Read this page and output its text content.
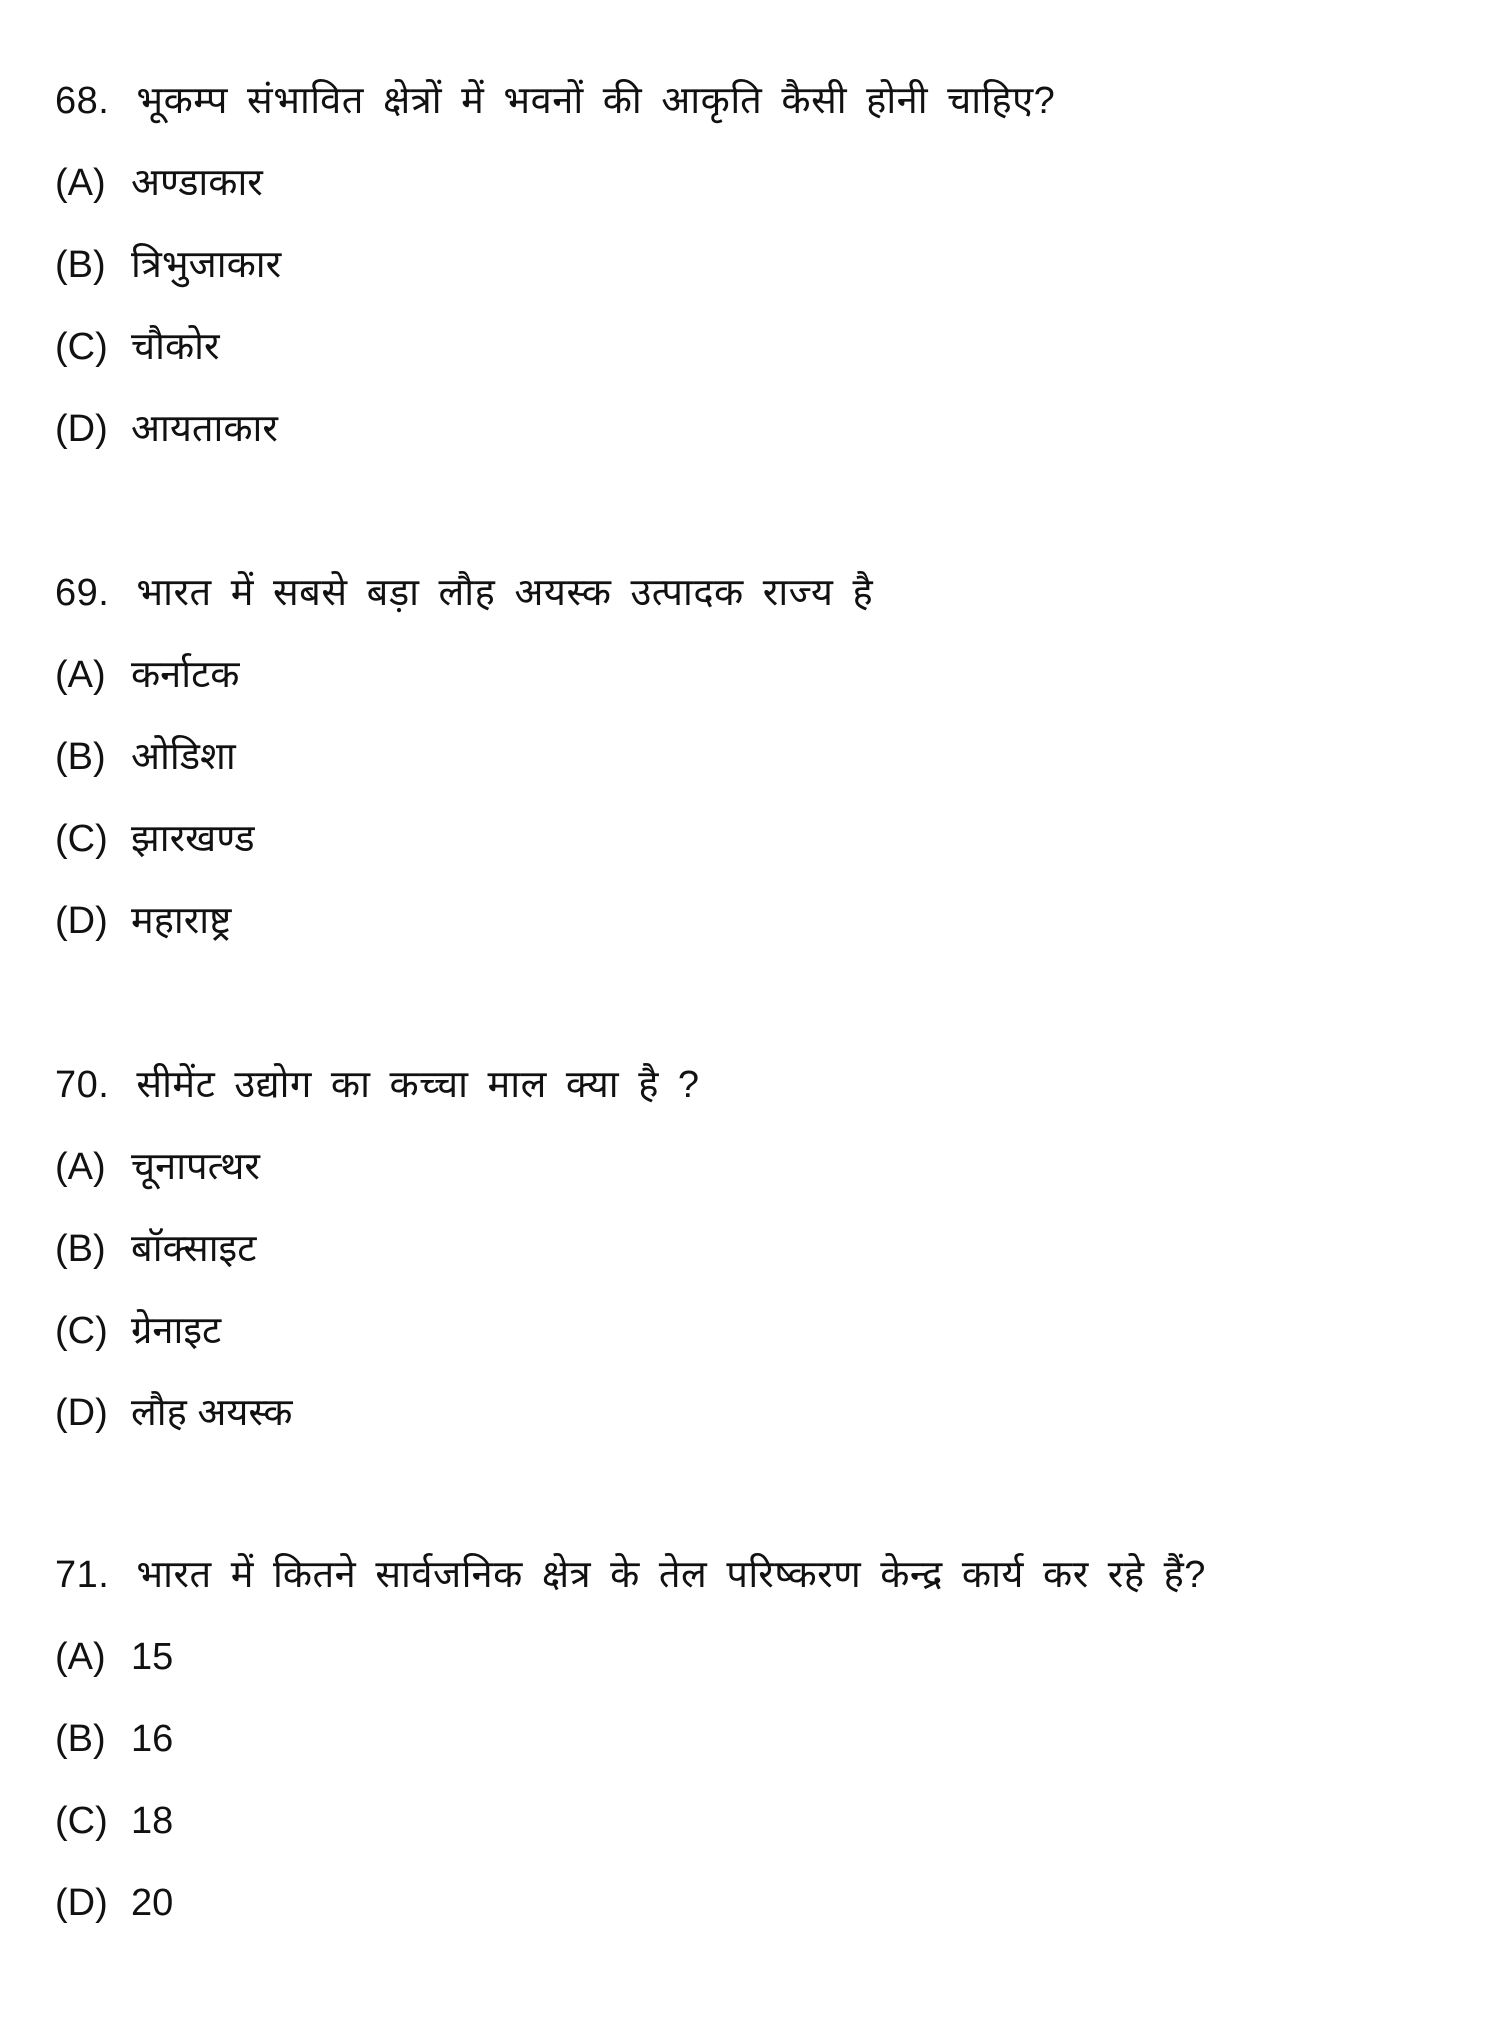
68. भूकम्प संभावित क्षेत्रों में भवनों की आकृति कैसी होनी चाहिए?
(A) अण्डाकार
(B) त्रिभुजाकार
(C) चौकोर
(D) आयताकार
69. भारत में सबसे बड़ा लौह अयस्क उत्पादक राज्य है
(A) कर्नाटक
(B) ओडिशा
(C) झारखण्ड
(D) महाराष्ट्र
70. सीमेंट उद्योग का कच्चा माल क्या है ?
(A) चूनापत्थर
(B) बॉक्साइट
(C) ग्रेनाइट
(D) लौह अयस्क
71. भारत में कितने सार्वजनिक क्षेत्र के तेल परिष्करण केन्द्र कार्य कर रहे हैं?
(A) 15
(B) 16
(C) 18
(D) 20
